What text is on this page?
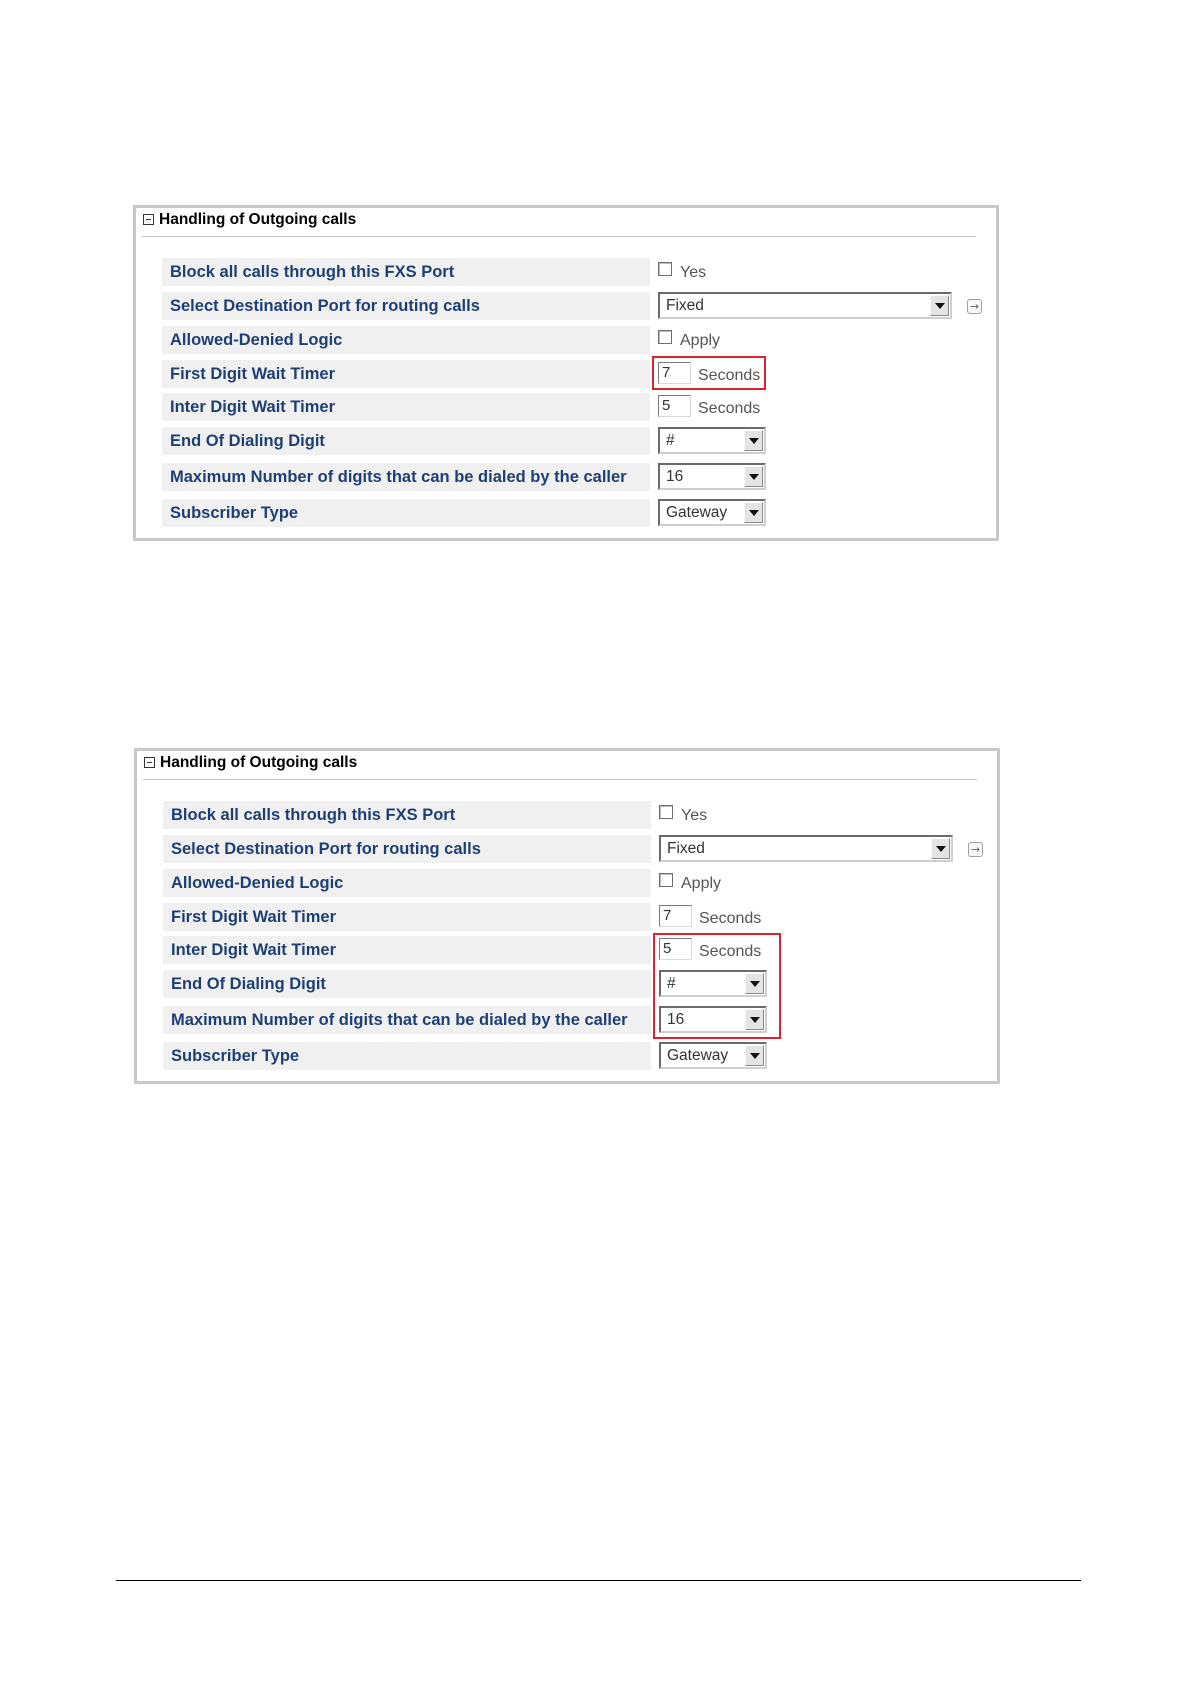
Handling of Outgoing calls
Block all calls through this FXS Port	Yes
Select Destination Port for routing calls	Fixed	→
Allowed-Denied Logic	Apply
First Digit Wait Timer	7	Seconds
Inter Digit Wait Timer	5	Seconds
End Of Dialing Digit	#
Maximum Number of digits that can be dialed by the caller	16
Subscriber Type	Gateway
Handling of Outgoing calls
Block all calls through this FXS Port	Yes
Select Destination Port for routing calls	Fixed	→
Allowed-Denied Logic	Apply
First Digit Wait Timer	7	Seconds
Inter Digit Wait Timer	5	Seconds
End Of Dialing Digit	#
Maximum Number of digits that can be dialed by the caller	16
Subscriber Type	Gateway
